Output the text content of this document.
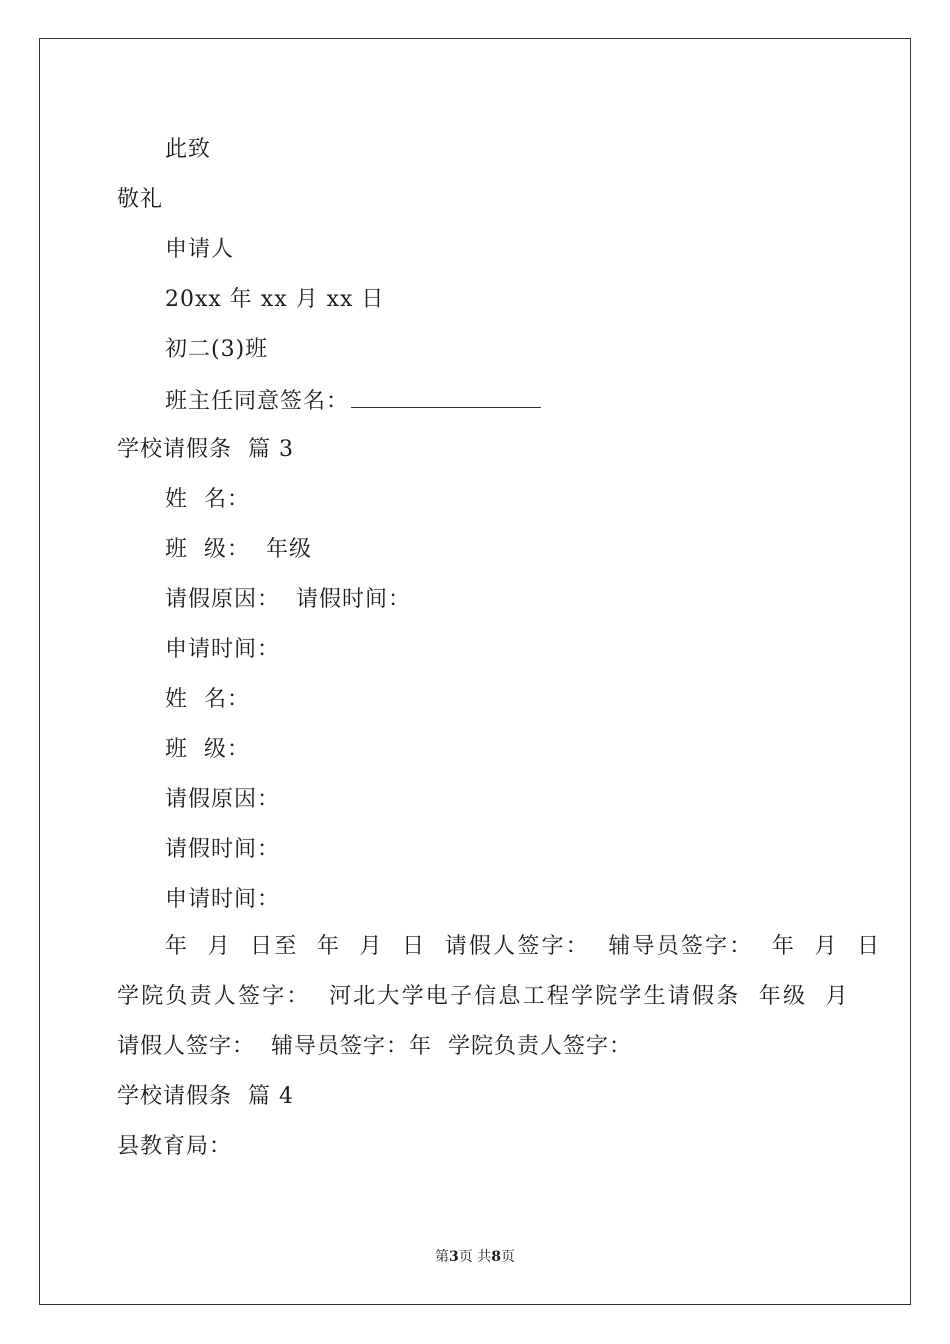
此致
敬礼
申请人
20xx 年 xx 月 xx 日
初二(3)班
班主任同意签名：
学校请假条  篇 3
姓  名：
班  级：  年级
请假原因：  请假时间：
申请时间：
姓  名：
班  级：
请假原因：
请假时间：
申请时间：
年  月  日至  年  月  日  请假人签字：  辅导员签字：  年  月  日
学院负责人签字：  河北大学电子信息工程学院学生请假条  年级  月
请假人签字：  辅导员签字：年  学院负责人签字：
学校请假条  篇 4
县教育局：
第3页 共8页
